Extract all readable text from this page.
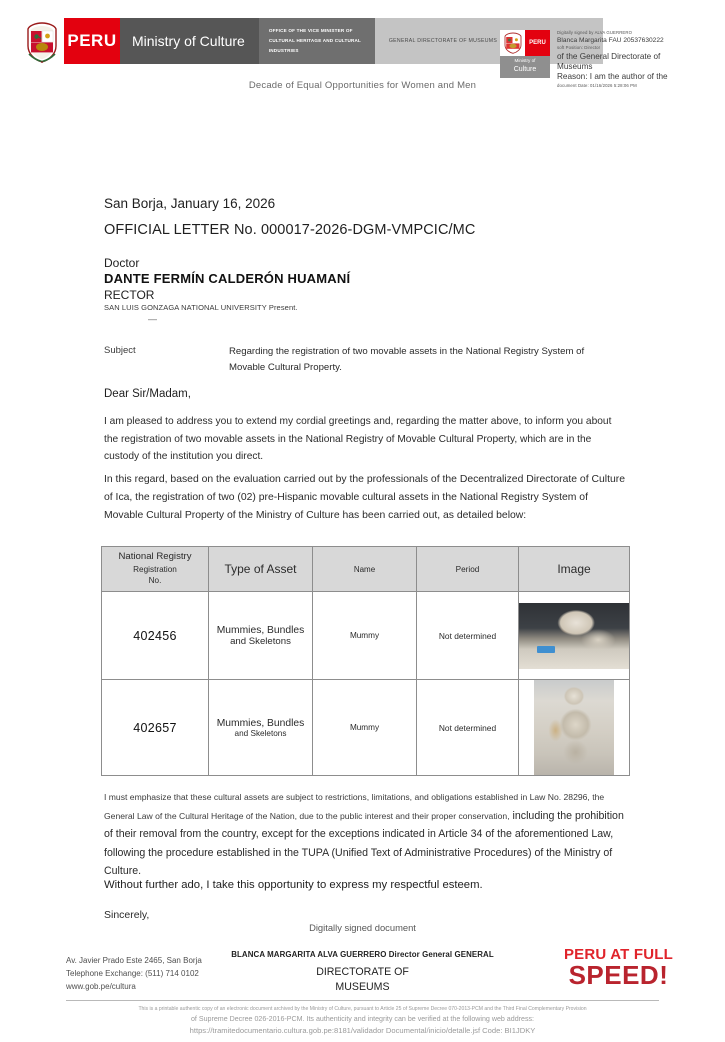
PERU	Ministry of Culture
OFFICE OF THE VICE MINISTER OF
CULTURAL HERITAGE AND CULTURAL
INDUSTRIES
GENERAL DIRECTORATE OF MUSEUMS
Decade of Equal Opportunities for Women and Men
PERU
Ministry of
Culture
Digitally signed by ALVA GUERRERO
Blanca Margarita FAU 20537630222
soft Position: Director
of the General Directorate of
Museums
Reason: I am the author of the
document Date: 01/16/2026 5:28:06 PM
San Borja, January 16, 2026
OFFICIAL LETTER No. 000017-2026-DGM-VMPCIC/MC
Doctor
DANTE FERMÍN CALDERÓN HUAMANÍ
RECTOR
SAN LUIS GONZAGA NATIONAL UNIVERSITY Present.
—
Subject	Regarding the registration of two movable assets in the National Registry System of Movable Cultural Property.
Dear Sir/Madam,
I am pleased to address you to extend my cordial greetings and, regarding the matter above, to inform you about the registration of two movable assets in the National Registry of Movable Cultural Property, which are in the custody of the institution you direct.
In this regard, based on the evaluation carried out by the professionals of the Decentralized Directorate of Culture of Ica, the registration of two (02) pre-Hispanic movable cultural assets in the National Registry System of Movable Cultural Property of the Ministry of Culture has been carried out, as detailed below:
National Registry
Registration
No.	Type of Asset	Name	Period	Image
402456	Mummies, Bundles
and Skeletons	Mummy	Not determined	

402657	Mummies, Bundles
and Skeletons	Mummy	Not determined	
I must emphasize that these cultural assets are subject to restrictions, limitations, and obligations established in Law No. 28296, the General Law of the Cultural Heritage of the Nation, due to the public interest and their proper conservation, including the prohibition of their removal from the country, except for the exceptions indicated in Article 34 of the aforementioned Law, following the procedure established in the TUPA (Unified Text of Administrative Procedures) of the Ministry of Culture.
Without further ado, I take this opportunity to express my respectful esteem.
Sincerely,
Digitally signed document
BLANCA MARGARITA ALVA GUERRERO Director General GENERAL
DIRECTORATE OF
MUSEUMS
Av. Javier Prado Este 2465, San Borja
Telephone Exchange: (511) 714 0102
www.gob.pe/cultura
PERU AT FULL
SPEED!
This is a printable authentic copy of an electronic document archived by the Ministry of Culture, pursuant to Article 25 of Supreme Decree 070-2013-PCM and the Third Final Complementary Provision
of Supreme Decree 026-2016-PCM. Its authenticity and integrity can be verified at the following web address:
https://tramitedocumentario.cultura.gob.pe:8181/validador Documental/inicio/detalle.jsf Code: BI1JDKY
